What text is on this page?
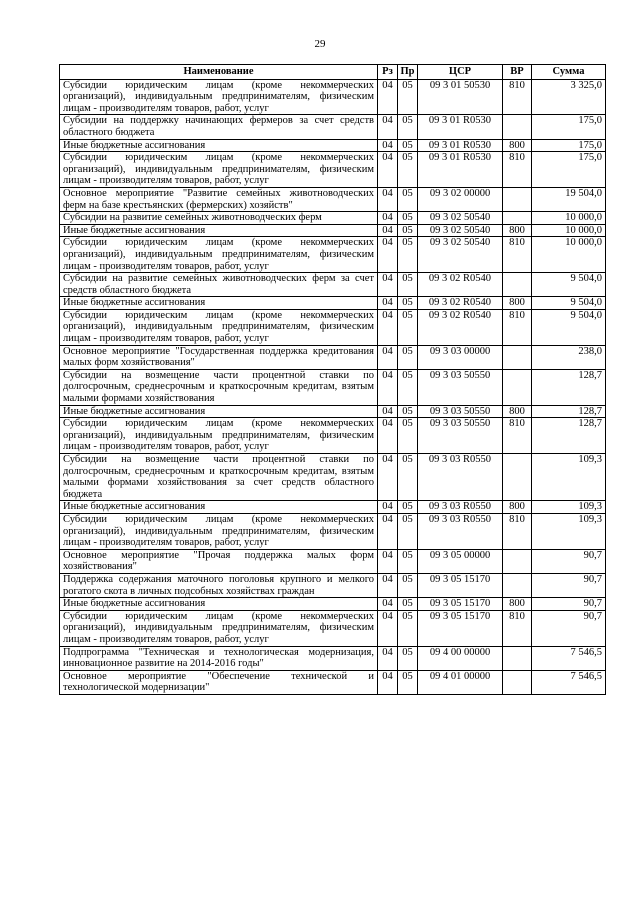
29
Наименование	Рз	Пр	ЦСР	ВР	Сумма
Субсидии юридическим лицам (кроме некоммерческих организаций), индивидуальным предпринимателям, физическим лицам - производителям товаров, работ, услуг	04	05	09 3 01 50530	810	3 325,0
Субсидии на поддержку начинающих фермеров за счет средств областного бюджета	04	05	09 3 01 R0530		175,0
Иные бюджетные ассигнования	04	05	09 3 01 R0530	800	175,0
Субсидии юридическим лицам (кроме некоммерческих организаций), индивидуальным предпринимателям, физическим лицам - производителям товаров, работ, услуг	04	05	09 3 01 R0530	810	175,0
Основное мероприятие "Развитие семейных животноводческих ферм на базе крестьянских (фермерских) хозяйств"	04	05	09 3 02 00000		19 504,0
Субсидии на развитие семейных животноводческих ферм	04	05	09 3 02 50540		10 000,0
Иные бюджетные ассигнования	04	05	09 3 02 50540	800	10 000,0
Субсидии юридическим лицам (кроме некоммерческих организаций), индивидуальным предпринимателям, физическим лицам - производителям товаров, работ, услуг	04	05	09 3 02 50540	810	10 000,0
Субсидии на развитие семейных животноводческих ферм за счет средств областного бюджета	04	05	09 3 02 R0540		9 504,0
Иные бюджетные ассигнования	04	05	09 3 02 R0540	800	9 504,0
Субсидии юридическим лицам (кроме некоммерческих организаций), индивидуальным предпринимателям, физическим лицам - производителям товаров, работ, услуг	04	05	09 3 02 R0540	810	9 504,0
Основное мероприятие "Государственная поддержка кредитования малых форм хозяйствования"	04	05	09 3 03 00000		238,0
Субсидии на возмещение части процентной ставки по долгосрочным, среднесрочным и краткосрочным кредитам, взятым малыми формами хозяйствования	04	05	09 3 03 50550		128,7
Иные бюджетные ассигнования	04	05	09 3 03 50550	800	128,7
Субсидии юридическим лицам (кроме некоммерческих организаций), индивидуальным предпринимателям, физическим лицам - производителям товаров, работ, услуг	04	05	09 3 03 50550	810	128,7
Субсидии на возмещение части процентной ставки по долгосрочным, среднесрочным и краткосрочным кредитам, взятым малыми формами хозяйствования за счет средств областного бюджета	04	05	09 3 03 R0550		109,3
Иные бюджетные ассигнования	04	05	09 3 03 R0550	800	109,3
Субсидии юридическим лицам (кроме некоммерческих организаций), индивидуальным предпринимателям, физическим лицам - производителям товаров, работ, услуг	04	05	09 3 03 R0550	810	109,3
Основное мероприятие "Прочая поддержка малых форм хозяйствования"	04	05	09 3 05 00000		90,7
Поддержка содержания маточного поголовья крупного и мелкого рогатого скота в личных подсобных хозяйствах граждан	04	05	09 3 05 15170		90,7
Иные бюджетные ассигнования	04	05	09 3 05 15170	800	90,7
Субсидии юридическим лицам (кроме некоммерческих организаций), индивидуальным предпринимателям, физическим лицам - производителям товаров, работ, услуг	04	05	09 3 05 15170	810	90,7
Подпрограмма "Техническая и технологическая модернизация, инновационное развитие на 2014-2016 годы"	04	05	09 4 00 00000		7 546,5
Основное мероприятие "Обеспечение технической и технологической модернизации"	04	05	09 4 01 00000		7 546,5
